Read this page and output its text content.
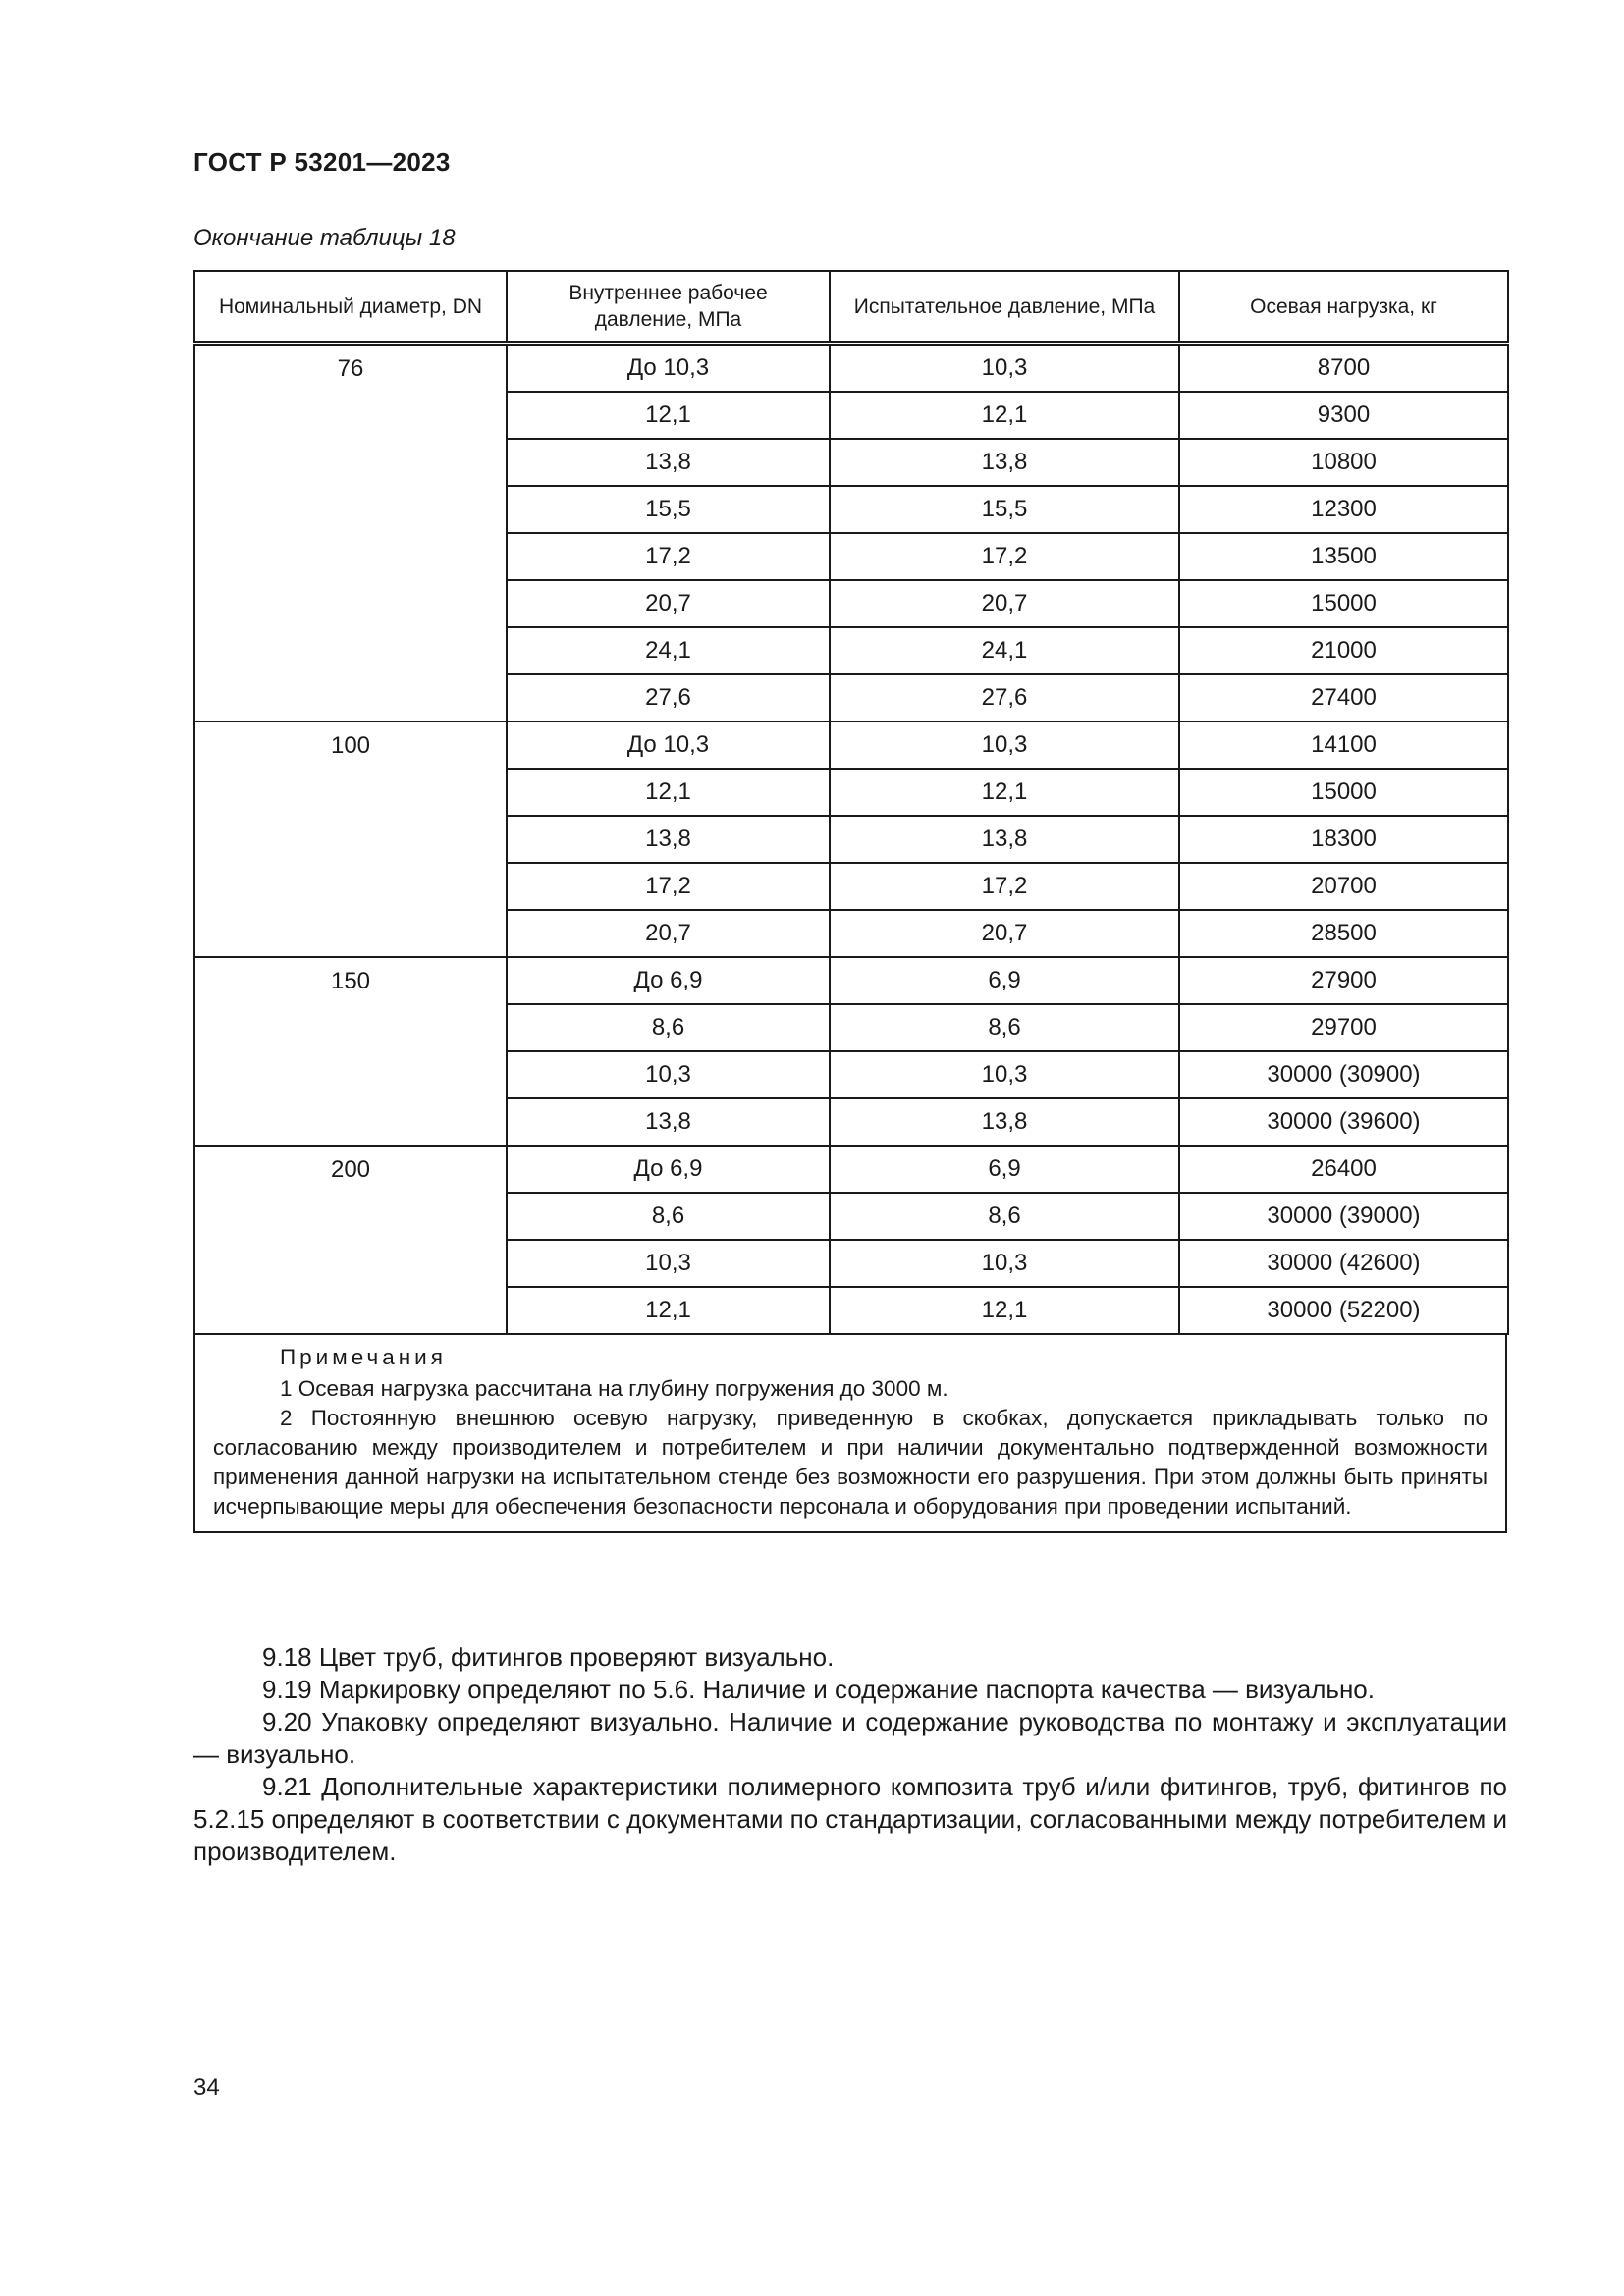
ГОСТ Р 53201—2023
Окончание таблицы 18
Номинальный диаметр, DN	Внутреннее рабочее давление, МПа	Испытательное давление, МПа	Осевая нагрузка, кг
76	До 10,3	10,3	8700
	12,1	12,1	9300
	13,8	13,8	10800
	15,5	15,5	12300
	17,2	17,2	13500
	20,7	20,7	15000
	24,1	24,1	21000
	27,6	27,6	27400
100	До 10,3	10,3	14100
	12,1	12,1	15000
	13,8	13,8	18300
	17,2	17,2	20700
	20,7	20,7	28500
150	До 6,9	6,9	27900
	8,6	8,6	29700
	10,3	10,3	30000 (30900)
	13,8	13,8	30000 (39600)
200	До 6,9	6,9	26400
	8,6	8,6	30000 (39000)
	10,3	10,3	30000 (42600)
	12,1	12,1	30000 (52200)

Примечания

1 Осевая нагрузка рассчитана на глубину погружения до 3000 м.

2 Постоянную внешнюю осевую нагрузку, приведенную в скобках, допускается прикладывать только по согласованию между производителем и потребителем и при наличии документально подтвержденной возможности применения данной нагрузки на испытательном стенде без возможности его разрушения. При этом должны быть приняты исчерпывающие меры для обеспечения безопасности персонала и оборудования при проведении испытаний.

9.18 Цвет труб, фитингов проверяют визуально.

9.19 Маркировку определяют по 5.6. Наличие и содержание паспорта качества — визуально.

9.20 Упаковку определяют визуально. Наличие и содержание руководства по монтажу и эксплуатации — визуально.

9.21 Дополнительные характеристики полимерного композита труб и/или фитингов, труб, фитингов по 5.2.15 определяют в соответствии с документами по стандартизации, согласованными между потребителем и производителем.

34
